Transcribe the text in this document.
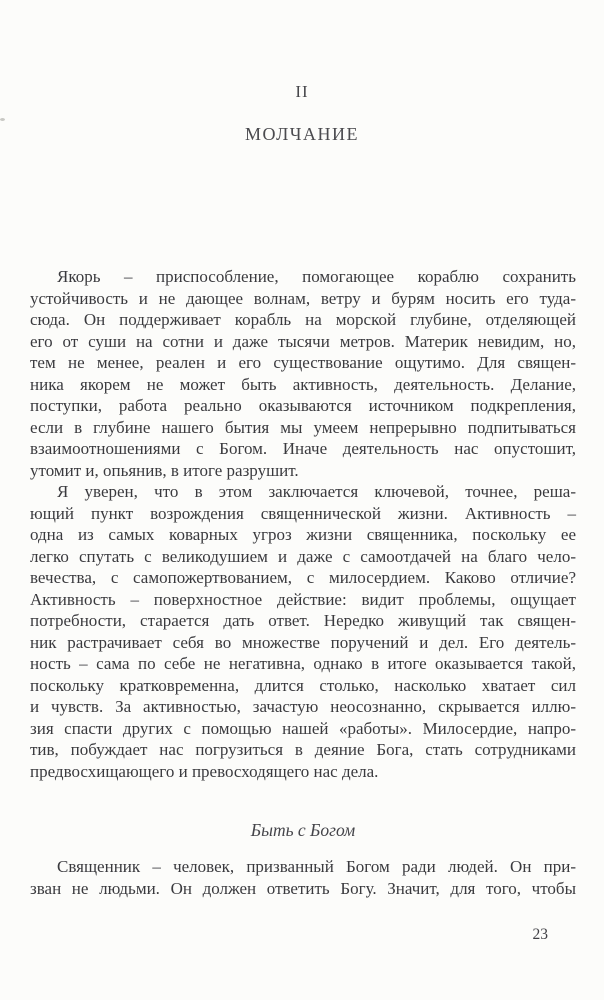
II
МОЛЧАНИЕ
Якорь – приспособление, помогающее кораблю сохранить
устойчивость и не дающее волнам, ветру и бурям носить его туда-
сюда. Он поддерживает корабль на морской глубине, отделяющей
его от суши на сотни и даже тысячи метров. Материк невидим, но,
тем не менее, реален и его существование ощутимо. Для священ-
ника якорем не может быть активность, деятельность. Делание,
поступки, работа реально оказываются источником подкрепления,
если в глубине нашего бытия мы умеем непрерывно подпитываться
взаимоотношениями с Богом. Иначе деятельность нас опустошит,
утомит и, опьянив, в итоге разрушит.
Я уверен, что в этом заключается ключевой, точнее, реша-
ющий пункт возрождения священнической жизни. Активность –
одна из самых коварных угроз жизни священника, поскольку ее
легко спутать с великодушием и даже с самоотдачей на благо чело-
вечества, с самопожертвованием, с милосердием. Каково отличие?
Активность – поверхностное действие: видит проблемы, ощущает
потребности, старается дать ответ. Нередко живущий так священ-
ник растрачивает себя во множестве поручений и дел. Его деятель-
ность – сама по себе не негативна, однако в итоге оказывается такой,
поскольку кратковременна, длится столько, насколько хватает сил
и чувств. За активностью, зачастую неосознанно, скрывается иллю-
зия спасти других с помощью нашей «работы». Милосердие, напро-
тив, побуждает нас погрузиться в деяние Бога, стать сотрудниками
предвосхищающего и превосходящего нас дела.
Быть с Богом
Священник – человек, призванный Богом ради людей. Он при-
зван не людьми. Он должен ответить Богу. Значит, для того, чтобы
23
